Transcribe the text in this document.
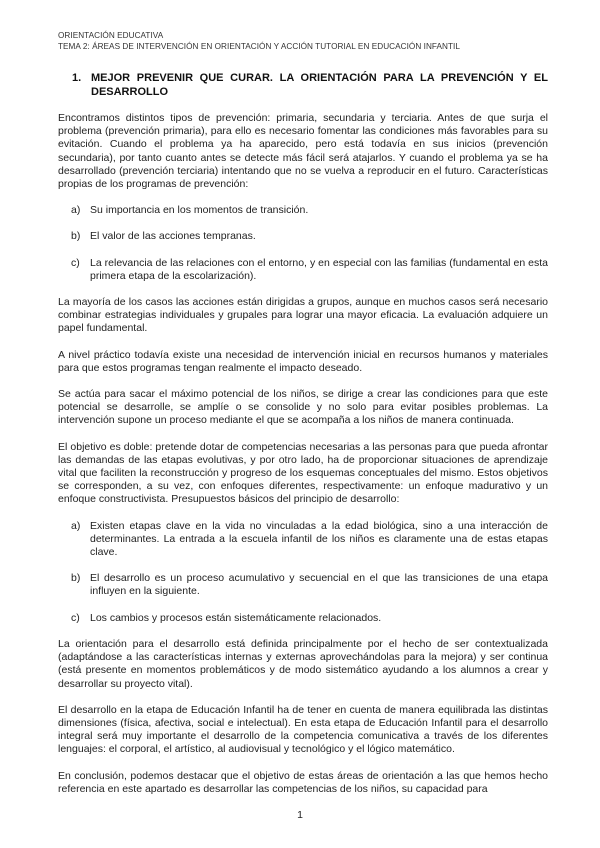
ORIENTACIÓN EDUCATIVA
TEMA 2: ÁREAS DE INTERVENCIÓN EN ORIENTACIÓN Y ACCIÓN TUTORIAL EN EDUCACIÓN INFANTIL
1. MEJOR PREVENIR QUE CURAR. LA ORIENTACIÓN PARA LA PREVENCIÓN Y EL DESARROLLO

Encontramos distintos tipos de prevención: primaria, secundaria y terciaria. Antes de que surja el problema (prevención primaria), para ello es necesario fomentar las condiciones más favorables para su evitación. Cuando el problema ya ha aparecido, pero está todavía en sus inicios (prevención secundaria), por tanto cuanto antes se detecte más fácil será atajarlos. Y cuando el problema ya se ha desarrollado (prevención terciaria) intentando que no se vuelva a reproducir en el futuro. Características propias de los programas de prevención:

a) Su importancia en los momentos de transición.
b) El valor de las acciones tempranas.
c) La relevancia de las relaciones con el entorno, y en especial con las familias (fundamental en esta primera etapa de la escolarización).

La mayoría de los casos las acciones están dirigidas a grupos, aunque en muchos casos será necesario combinar estrategias individuales y grupales para lograr una mayor eficacia. La evaluación adquiere un papel fundamental.

A nivel práctico todavía existe una necesidad de intervención inicial en recursos humanos y materiales para que estos programas tengan realmente el impacto deseado.

Se actúa para sacar el máximo potencial de los niños, se dirige a crear las condiciones para que este potencial se desarrolle, se amplíe o se consolide y no solo para evitar posibles problemas. La intervención supone un proceso mediante el que se acompaña a los niños de manera continuada.

El objetivo es doble: pretende dotar de competencias necesarias a las personas para que pueda afrontar las demandas de las etapas evolutivas, y por otro lado, ha de proporcionar situaciones de aprendizaje vital que faciliten la reconstrucción y progreso de los esquemas conceptuales del mismo. Estos objetivos se corresponden, a su vez, con enfoques diferentes, respectivamente: un enfoque madurativo y un enfoque constructivista. Presupuestos básicos del principio de desarrollo:

a) Existen etapas clave en la vida no vinculadas a la edad biológica, sino a una interacción de determinantes. La entrada a la escuela infantil de los niños es claramente una de estas etapas clave.
b) El desarrollo es un proceso acumulativo y secuencial en el que las transiciones de una etapa influyen en la siguiente.
c) Los cambios y procesos están sistemáticamente relacionados.

La orientación para el desarrollo está definida principalmente por el hecho de ser contextualizada (adaptándose a las características internas y externas aprovechándolas para la mejora) y ser continua (está presente en momentos problemáticos y de modo sistemático ayudando a los alumnos a crear y desarrollar su proyecto vital).

El desarrollo en la etapa de Educación Infantil ha de tener en cuenta de manera equilibrada las distintas dimensiones (física, afectiva, social e intelectual). En esta etapa de Educación Infantil para el desarrollo integral será muy importante el desarrollo de la competencia comunicativa a través de los diferentes lenguajes: el corporal, el artístico, al audiovisual y tecnológico y el lógico matemático.

En conclusión, podemos destacar que el objetivo de estas áreas de orientación a las que hemos hecho referencia en este apartado es desarrollar las competencias de los niños, su capacidad para

1
